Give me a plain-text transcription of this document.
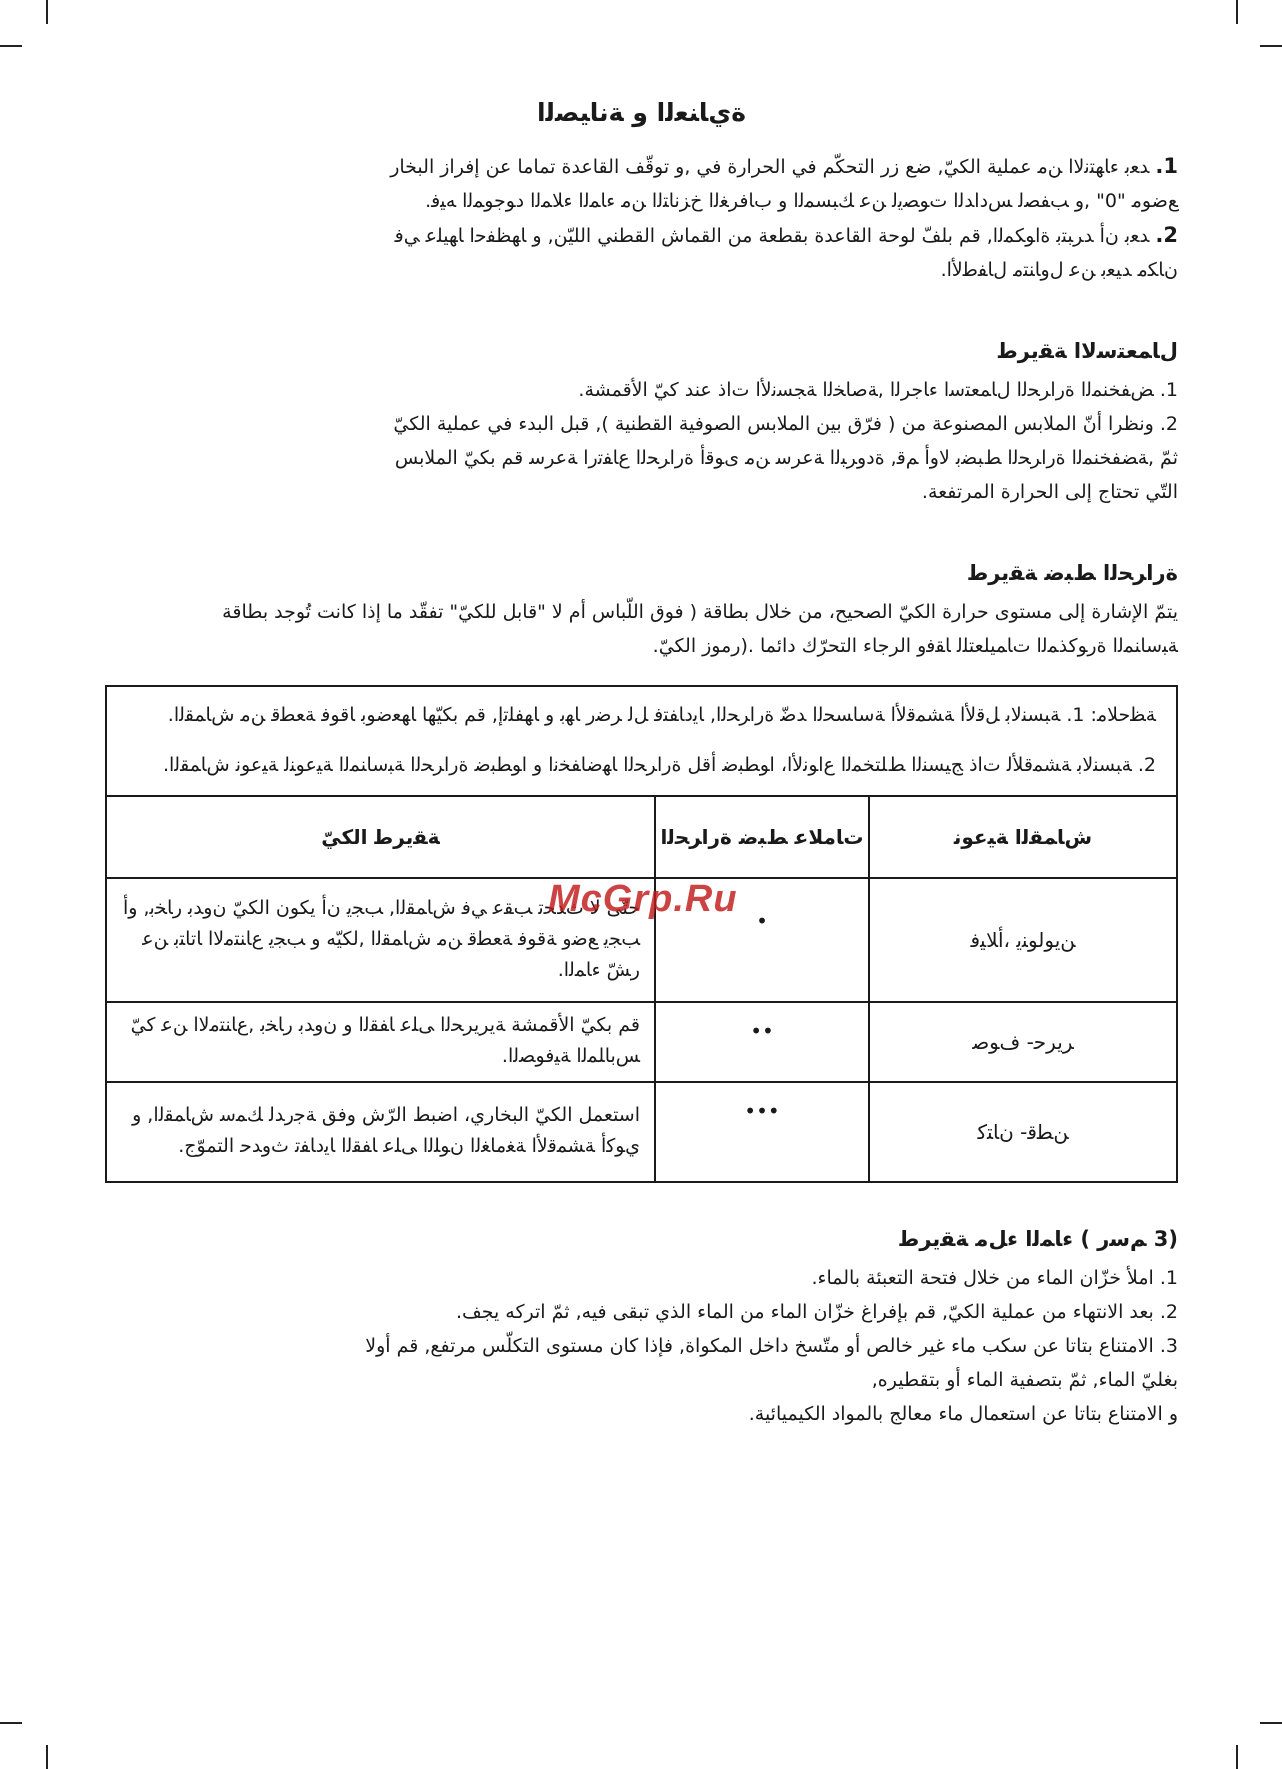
ﺓﻱﺎﻨﻌﻟا ﻭ ﺔﻧﺎﻴﺼﻟا

1. ﺪﻌﺑ ﺀﺎﻬﺘﻧﻻا ﻦﻣ ﻋﻤﻠﻴﺔ اﻟﻜﻲّ, ﺿﻊ زر اﻟﺘﺤﻜّﻢ ﻓﻲ اﻟﺤﺮارة ﻓﻲ ,و ﺗﻮﻗّﻒ اﻟﻘﺎﻋﺪة ﺗﻤﺎﻣﺎ ﻋﻦ إﻓﺮاز اﻟﺒﺨﺎر

ﻊﺿﻮﻣ "0" ,ﻭ ﺐﻔﺼﻟ ﺲﺩﺍﺪﻟﺍ ﺕﻮﺼﻳﻟ ﻦﻋ ﻚﺒﺴﻤﻟﺍ ﻭ ﺏﺎﻓﺮﻐﻟﺍ ﺥﺰﻧﺎﺘﻟﺍ ﻦﻣ ﺀﺎﻤﻟﺍ ﺀﻼﻤﻟﺍ ﺩﻮﺟﻮﻤﻟﺍ ﻪﻴﻓ.

2. ﺪﻌﺑ ﻥﺃ ﺪﺮﺒﺘﺑ ﺓﺍﻮﻜﻤﻟﺍ, ﻗﻢ ﺑﻠﻒّ ﻟﻮﺣﺔ اﻟﻘﺎﻋﺪة ﺑﻘﻄﻌﺔ ﻣﻦ اﻟﻘﻤﺎش اﻟﻘﻄﻨﻲ اﻟﻠﻴّﻦ, ﻭ ﺎﻬﻈﻔﺣﺍ ﺎﻬﻴﻠﻋ ﻲﻓ

ﻥﺎﻜﻣ ﺪﻴﻌﺑ ﻦﻋ ﻝﻭﺎﻨﺘﻣ ﻝﺎﻔﻃﻷﺍ.

ﻝﺎﻤﻌﺘﺳﻻا ﺔﻘﻳﺮﻃ

1. ﺾﻔﺨﻨﻤﻟﺍ ﺓﺭﺍﺮﺤﻟﺍ ﻝﺎﻤﻌﺘﺳﺍ ﺀﺎﺟﺮﻟﺍ ,ﺔﺻﺎﺨﻟﺍ ﺔﺠﺴﻧﻷﺍ ﺕﺍﺫ ﻋﻨﺪ ﻛﻲّ اﻷﻗﻤﺸﺔ.

2. ﻭﻧﻈﺮا أنّ ﺍﻟﻤﻼﺑﺲ ﺍﻟﻤﺼﻨﻮﻋﺔ ﻣﻦ ( ﻓﺮّق ﺑﻴﻦ اﻟﻤﻼﺑﺲ اﻟﺼﻮﻓﻴﺔ اﻟﻘﻄﻨﻴﺔ ), ﻗﺒﻞ اﻟﺒﺪء ﻓﻲ ﻋﻤﻠﻴﺔ اﻟﻜﻲّ

ﺛﻢّ ,ﺔﻀﻔﺨﻨﻤﻟﺍ ﺓﺭﺍﺮﺤﻟﺍ ﻂﺒﻀﺑ ﻻﻭﺃ ﻢﻗ, ﺓﺩﻭﺮﺒﻟﺍ ﺔﻋﺮﺳ ﻦﻣ ﻯﻮﻗﺃ ﺓﺭﺍﺮﺤﻟﺍ ﻉﺎﻔﺗﺭﺍ ﺔﻋﺮﺳ ﻗﻢ ﺑﻜﻲّ اﻟﻤﻼﺑﺲ

اﻟﺘّﻲ ﺗﺤﺘﺎج إﻟﻰ اﻟﺤﺮارة اﻟﻤﺮﺗﻔﻌﺔ.

ﺓﺭﺍﺮﺤﻟﺍ ﻂﺒﺿ ﺔﻘﻳﺮﻃ

ﻳﺘﻢّ اﻹﺷﺎرة إﻟﻰ ﻣﺴﺘﻮى ﺣﺮارة اﻟﻜﻲّ اﻟﺼﺤﻴﺢ، ﻣﻦ ﺧﻼل ﺑﻄﺎﻗﺔ ( ﻓﻮق اﻟﻠّﺒﺎس أم ﻻ "ﻗﺎﺑﻞ ﻟﻠﻜﻲّ" ﺗﻔﻘّﺪ ﻣﺎ إذا ﻛﺎﻧﺖ ﺗُﻮﺟﺪ ﺑﻄﺎﻗﺔ

ﺔﺒﺳﺎﻨﻤﻟﺍ ﺓﺭﻮﻛﺬﻤﻟﺍ ﺕﺎﻤﻴﻠﻌﺘﻠﻟ ﺎﻘﻓﻭ اﻟﺮﺟﺎء اﻟﺘﺤﺮّك داﺋﻤﺎ .(رﻣﻮز اﻟﻜﻲّ.

ﺔﻈﺣﻼﻣ: 1. ﺔﺒﺴﻨﻟﺎﺑ ﻞﻗﻷﺍ ﺔﺸﻤﻗﻷﺍ ﺔﺳﺎﺴﺤﻟﺍ ﺪﺿّ ﺓﺭﺍﺮﺤﻟﺍ, ﺎﻳﺩﺎﻔﺘﻓ ﻞﻟ ﺮﺿﺭ ﺎﻬﺑ ﻭ ﺎﻬﻔﻠﺗﺇ, ﻗﻢ ﺑﻜﻴّﻬﺎ ﺎﻬﻌﺿﻮﺑ ﺎﻗﻮﻓ ﺔﻌﻄﻗ ﻦﻣ ﺵﺎﻤﻘﻟﺍ.

2. ﺔﺒﺴﻨﻟﺎﺑ ﺔﺸﻤﻗﻸﻟ ﺕﺍﺫ ﺞﻴﺴﻨﻟﺍ ﻂﻠﺘﺨﻤﻟﺍ ﻉﺍﻮﻧﻷﺍ، ﺍﻮﻄﺒﺿ ﺃﻗﻞ ﺓﺭﺍﺮﺤﻟﺍ ﺎﻬﺿﺎﻔﺨﻧﺍ ﻭ ﺍﻮﻄﺒﺿ ﺓﺭﺍﺮﺤﻟﺍ ﺔﺒﺳﺎﻨﻤﻟﺍ ﺔﻴﻋﻮﻨﻟ ﺔﻴﻋﻮﻧ ﺵﺎﻤﻘﻟﺍ.		

ﺵﺎﻤﻘﻟﺍ ﺔﻴﻋﻮﻧ	ﺕﺎﻣﻼﻋ ﻂﺒﺿ ﺓﺭﺍﺮﺤﻟﺍ	ﺔﻘﻳﺮﻃ اﻟﻜﻲّ
ﻦﻳﻮﻟﻮﻨﻳ ،ﺃﻼﻴﻓ	•	ﺣﺘّﻰ ﻻ ﺙﺪﺤﺗ ﺐﻘﻋ ﻲﻓ ﺵﺎﻤﻘﻟﺍ, ﺐﺠﻳ ﻥﺃ ﻳﻜﻮن اﻟﻜﻲّ ﻥﻭﺪﺑ ﺭﺎﺨﺑ, ﻭﺃ ﺐﺠﻳ ﻊﺿﻭ ﺔﻗﻮﻓ ﺔﻌﻄﻗ ﻦﻣ ﺵﺎﻤﻘﻟﺍ ,ﻟﻜﻴّﻪ ﻭ ﺐﺠﻳ ﻉﺎﻨﺘﻣﻻﺍ ﺎﺗﺎﺘﺑ ﻦﻋ ﺭﺶّ ﺀﺎﻤﻟﺍ.
ﺮﻳﺮﺣ- ﻑﻮﺻ	••	ﻗﻢ ﺑﻜﻲّ اﻷﻗﻤﺸﺔ ﺔﻳﺮﻳﺮﺤﻟﺍ ﻰﻠﻋ ﺎﻔﻘﻟﺍ ﻭ ﻥﻭﺪﺑ ﺭﺎﺨﺑ ,ﻉﺎﻨﺘﻣﻻﺍ ﻦﻋ ﻛﻲّ ﺲﺑﺎﻠﻤﻟﺍ ﺔﻴﻓﻮﺼﻟﺍ.
ﻦﻄﻗ- ﻥﺎﺘﻛ	•••	ﺍﺳﺘﻌﻤﻞ اﻟﻜﻲّ اﻟﺒﺨﺎري، ﺍﺿﺒﻂ اﻟﺮّش ﻭﻓﻖ ﺔﺟﺭﺪﻟ ﻚﻤﺳ ﺵﺎﻤﻘﻟﺍ, ﻭ ﻱﻮﻛﺃ ﺔﺸﻤﻗﻷﺍ ﺔﻐﻣﺎﻐﻟﺍ ﻥﻮﻠﻟﺍ ﻰﻠﻋ ﺎﻔﻘﻟﺍ ﺎﻳﺩﺎﻔﺗ ﺙﻭﺪﺣ اﻟﺘﻤﻮّج.
(3 ﻢﺳﺭ ) ﺀﺎﻤﻟﺍ ﺀﻞﻣ ﺔﻘﻳﺮﻃ

1. اﻣﻸ ﺧﺰّان اﻟﻤﺎء ﻣﻦ ﺧﻼل ﻓﺘﺤﺔ اﻟﺘﻌﺒﺌﺔ ﺑﺎﻟﻤﺎء.

2. ﺑﻌﺪ اﻻﻧﺘﻬﺎء ﻣﻦ ﻋﻤﻠﻴﺔ اﻟﻜﻲّ, ﻗﻢ ﺑﺈﻓﺮاغ ﺧﺰّان اﻟﻤﺎء ﻣﻦ اﻟﻤﺎء اﻟﺬي ﺗﺒﻘﻰ ﻓﻴﻪ, ﺛﻢّ اﺗﺮﻛﻪ ﻳﺠﻒ.

3. اﻻﻣﺘﻨﺎع ﺑﺘﺎﺗﺎ ﻋﻦ ﺳﻜﺐ ﻣﺎء ﻏﻴﺮ ﺧﺎﻟﺺ أو ﻣﺘّﺴﺦ داﺧﻞ اﻟﻤﻜﻮاة, ﻓﺈذا ﻛﺎن ﻣﺴﺘﻮى اﻟﺘﻜﻠّﺲ ﻣﺮﺗﻔﻊ, ﻗﻢ أوﻻ

ﺑﻐﻠﻲّ اﻟﻤﺎء, ﺛﻢّ ﺑﺘﺼﻔﻴﺔ اﻟﻤﺎء أو ﺑﺘﻘﻄﻴﺮه,

و اﻻﻣﺘﻨﺎع ﺑﺘﺎﺗﺎ ﻋﻦ اﺳﺘﻌﻤﺎل ﻣﺎء ﻣﻌﺎﻟﺞ ﺑﺎﻟﻤﻮاد اﻟﻜﻴﻤﻴﺎﺋﻴﺔ.

McGrp.Ru
